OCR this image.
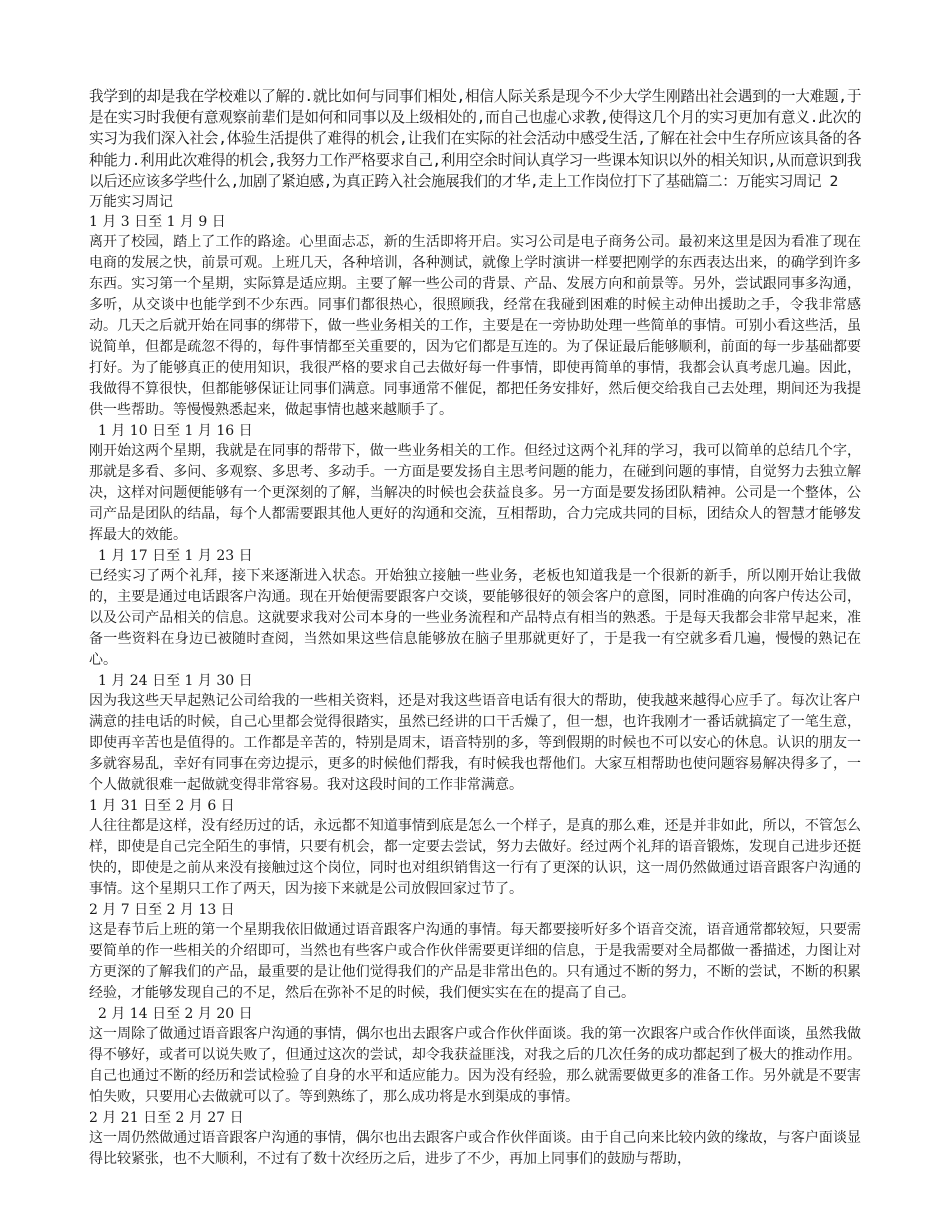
我学到的却是我在学校难以了解的.就比如何与同事们相处,相信人际关系是现今不少大学生刚踏出社会遇到的一大难题,于是在实习时我便有意观察前辈们是如何和同事以及上级相处的,而自己也虚心求教,使得这几个月的实习更加有意义.此次的实习为我们深入社会,体验生活提供了难得的机会,让我们在实际的社会活动中感受生活,了解在社会中生存所应该具备的各种能力.利用此次难得的机会,我努力工作严格要求自己,利用空余时间认真学习一些课本知识以外的相关知识,从而意识到我以后还应该多学些什么,加剧了紧迫感,为真正跨入社会施展我们的才华,走上工作岗位打下了基础篇二：万能实习周记 2

万能实习周记

1 月 3 日至 1 月 9 日

离开了校园，踏上了工作的路途。心里面忐忑，新的生活即将开启。实习公司是电子商务公司。最初来这里是因为看准了现在电商的发展之快，前景可观。上班几天，各种培训，各种测试，就像上学时演讲一样要把刚学的东西表达出来，的确学到许多东西。实习第一个星期，实际算是适应期。主要了解一些公司的背景、产品、发展方向和前景等。另外，尝试跟同事多沟通，多听，从交谈中也能学到不少东西。同事们都很热心，很照顾我，经常在我碰到困难的时候主动伸出援助之手，令我非常感动。几天之后就开始在同事的绑带下，做一些业务相关的工作，主要是在一旁协助处理一些简单的事情。可别小看这些活，虽说简单，但都是疏忽不得的，每件事情都至关重要的，因为它们都是互连的。为了保证最后能够顺利，前面的每一步基础都要打好。为了能够真正的使用知识，我很严格的要求自己去做好每一件事情，即使再简单的事情，我都会认真考虑几遍。因此，我做得不算很快，但都能够保证让同事们满意。同事通常不催促，都把任务安排好，然后便交给我自己去处理，期间还为我提供一些帮助。等慢慢熟悉起来，做起事情也越来越顺手了。

1 月 10 日至 1 月 16 日

刚开始这两个星期，我就是在同事的帮带下，做一些业务相关的工作。但经过这两个礼拜的学习，我可以简单的总结几个字，那就是多看、多问、多观察、多思考、多动手。一方面是要发扬自主思考问题的能力，在碰到问题的事情，自觉努力去独立解决，这样对问题便能够有一个更深刻的了解，当解决的时候也会获益良多。另一方面是要发扬团队精神。公司是一个整体，公司产品是团队的结晶，每个人都需要跟其他人更好的沟通和交流，互相帮助，合力完成共同的目标，团结众人的智慧才能够发挥最大的效能。

1 月 17 日至 1 月 23 日

已经实习了两个礼拜，接下来逐渐进入状态。开始独立接触一些业务，老板也知道我是一个很新的新手，所以刚开始让我做的，主要是通过电话跟客户沟通。现在开始便需要跟客户交谈，要能够很好的领会客户的意图，同时准确的向客户传达公司，以及公司产品相关的信息。这就要求我对公司本身的一些业务流程和产品特点有相当的熟悉。于是每天我都会非常早起来，准备一些资料在身边已被随时查阅，当然如果这些信息能够放在脑子里那就更好了，于是我一有空就多看几遍，慢慢的熟记在心。

1 月 24 日至 1 月 30 日

因为我这些天早起熟记公司给我的一些相关资料，还是对我这些语音电话有很大的帮助，使我越来越得心应手了。每次让客户满意的挂电话的时候，自己心里都会觉得很踏实，虽然已经讲的口干舌燥了，但一想，也许我刚才一番话就搞定了一笔生意，即使再辛苦也是值得的。工作都是辛苦的，特别是周末，语音特别的多，等到假期的时候也不可以安心的休息。认识的朋友一多就容易乱，幸好有同事在旁边提示，更多的时候他们帮我，有时候我也帮他们。大家互相帮助也使问题容易解决得多了，一个人做就很难一起做就变得非常容易。我对这段时间的工作非常满意。

1 月 31 日至 2 月 6 日

人往往都是这样，没有经历过的话，永远都不知道事情到底是怎么一个样子，是真的那么难，还是并非如此，所以，不管怎么样，即使是自己完全陌生的事情，只要有机会，都一定要去尝试，努力去做好。经过两个礼拜的语音锻炼，发现自己进步还挺快的，即使是之前从来没有接触过这个岗位，同时也对组织销售这一行有了更深的认识，这一周仍然做通过语音跟客户沟通的事情。这个星期只工作了两天，因为接下来就是公司放假回家过节了。

2 月 7 日至 2 月 13 日

这是春节后上班的第一个星期我依旧做通过语音跟客户沟通的事情。每天都要接听好多个语音交流，语音通常都较短，只要需要简单的作一些相关的介绍即可，当然也有些客户或合作伙伴需要更详细的信息，于是我需要对全局都做一番描述，力图让对方更深的了解我们的产品，最重要的是让他们觉得我们的产品是非常出色的。只有通过不断的努力，不断的尝试，不断的积累经验，才能够发现自己的不足，然后在弥补不足的时候，我们便实实在在的提高了自己。

2 月 14 日至 2 月 20 日

这一周除了做通过语音跟客户沟通的事情，偶尔也出去跟客户或合作伙伴面谈。我的第一次跟客户或合作伙伴面谈，虽然我做得不够好，或者可以说失败了，但通过这次的尝试，却令我获益匪浅，对我之后的几次任务的成功都起到了极大的推动作用。自己也通过不断的经历和尝试检验了自身的水平和适应能力。因为没有经验，那么就需要做更多的准备工作。另外就是不要害怕失败，只要用心去做就可以了。等到熟练了，那么成功将是水到渠成的事情。

2 月 21 日至 2 月 27 日

这一周仍然做通过语音跟客户沟通的事情，偶尔也出去跟客户或合作伙伴面谈。由于自己向来比较内敛的缘故，与客户面谈显得比较紧张，也不大顺利，不过有了数十次经历之后，进步了不少，再加上同事们的鼓励与帮助，
